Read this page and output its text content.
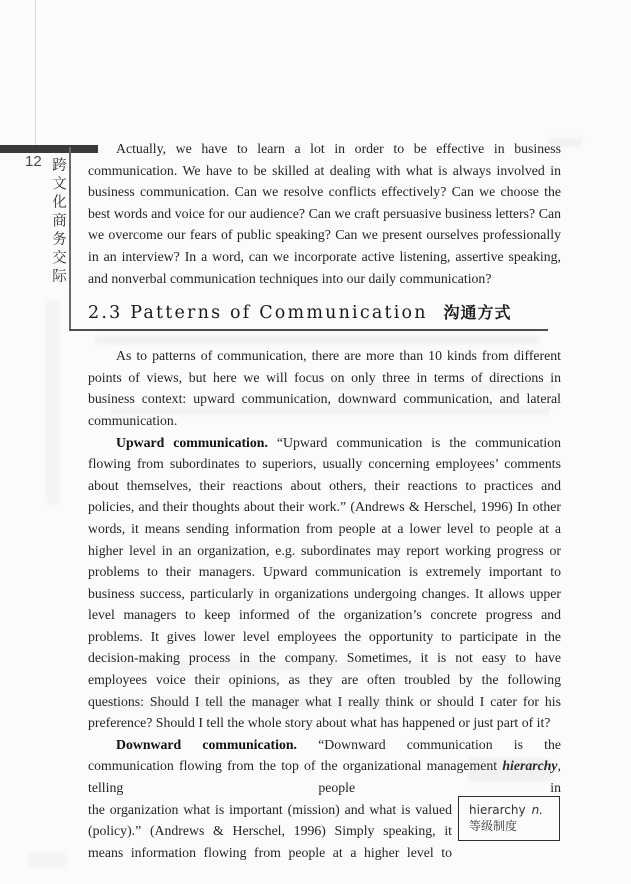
12 跨文化商务交际

Actually, we have to learn a lot in order to be effective in business communication. We have to be skilled at dealing with what is always involved in business communication. Can we resolve conflicts effectively? Can we choose the best words and voice for our audience? Can we craft persuasive business letters? Can we overcome our fears of public speaking? Can we present ourselves professionally in an interview? In a word, can we incorporate active listening, assertive speaking, and nonverbal communication techniques into our daily communication?

2.3 Patterns of Communication 沟通方式

As to patterns of communication, there are more than 10 kinds from different points of views, but here we will focus on only three in terms of directions in business context: upward communication, downward communication, and lateral communication.

Upward communication. “Upward communication is the communication flowing from subordinates to superiors, usually concerning employees’ comments about themselves, their reactions about others, their reactions to practices and policies, and their thoughts about their work.” (Andrews & Herschel, 1996) In other words, it means sending information from people at a lower level to people at a higher level in an organization, e.g. subordinates may report working progress or problems to their managers. Upward communication is extremely important to business success, particularly in organizations undergoing changes. It allows upper level managers to keep informed of the organization’s concrete progress and problems. It gives lower level employees the opportunity to participate in the decision-making process in the company. Sometimes, it is not easy to have employees voice their opinions, as they are often troubled by the following questions: Should I tell the manager what I really think or should I cater for his preference? Should I tell the whole story about what has happened or just part of it?

Downward communication. “Downward communication is the communication flowing from the top of the organizational management hierarchy, telling people in

the organization what is important (mission) and what is valued (policy).” (Andrews & Herschel, 1996) Simply speaking, it means information flowing from people at a higher level to

hierarchy n.
等级制度
